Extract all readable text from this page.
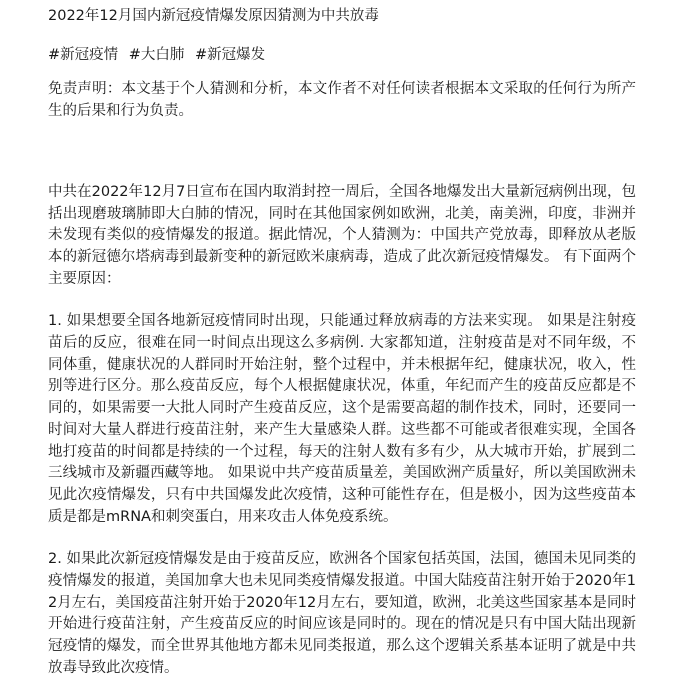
2022年12月国内新冠疫情爆发原因猜测为中共放毒
#新冠疫情 #大白肺 #新冠爆发

免责声明：本文基于个人猜测和分析，本文作者不对任何读者根据本文采取的任何行为所产生的后果和行为负责。

中共在2022年12月7日宣布在国内取消封控一周后，全国各地爆发出大量新冠病例出现，包括出现磨玻璃肺即大白肺的情况，同时在其他国家例如欧洲，北美，南美洲，印度，非洲并未发现有类似的疫情爆发的报道。据此情况，个人猜测为：中国共产党放毒，即释放从老版本的新冠德尔塔病毒到最新变种的新冠欧米康病毒，造成了此次新冠疫情爆发。 有下面两个主要原因：

1. 如果想要全国各地新冠疫情同时出现，只能通过释放病毒的方法来实现。 如果是注射疫苗后的反应，很难在同一时间点出现这么多病例. 大家都知道，注射疫苗是对不同年级，不同体重，健康状况的人群同时开始注射，整个过程中，并未根据年纪，健康状况，收入，性别等进行区分。那么疫苗反应，每个人根据健康状况，体重，年纪而产生的疫苗反应都是不同的，如果需要一大批人同时产生疫苗反应，这个是需要高超的制作技术，同时，还要同一时间对大量人群进行疫苗注射，来产生大量感染人群。这些都不可能或者很难实现，全国各地打疫苗的时间都是持续的一个过程，每天的注射人数有多有少，从大城市开始，扩展到二三线城市及新疆西藏等地。 如果说中共产疫苗质量差，美国欧洲产质量好，所以美国欧洲未见此次疫情爆发，只有中共国爆发此次疫情，这种可能性存在，但是极小，因为这些疫苗本质是都是mRNA和刺突蛋白，用来攻击人体免疫系统。

2. 如果此次新冠疫情爆发是由于疫苗反应，欧洲各个国家包括英国，法国，德国未见同类的疫情爆发的报道，美国加拿大也未见同类疫情爆发报道。中国大陆疫苗注射开始于2020年12月左右，美国疫苗注射开始于2020年12月左右，要知道，欧洲，北美这些国家基本是同时开始进行疫苗注射，产生疫苗反应的时间应该是同时的。现在的情况是只有中国大陆出现新冠疫情的爆发，而全世界其他地方都未见同类报道，那么这个逻辑关系基本证明了就是中共放毒导致此次疫情。
